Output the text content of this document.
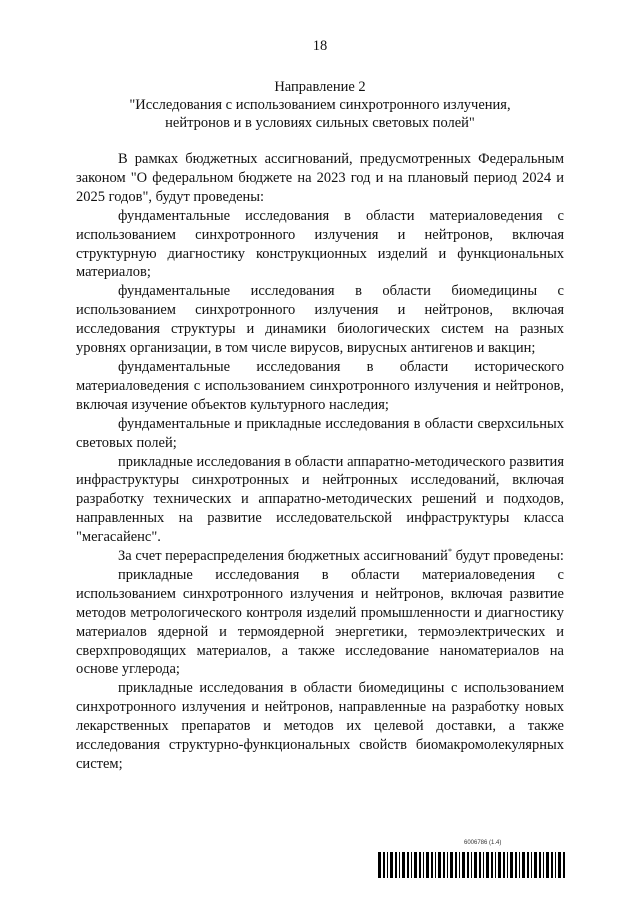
18
Направление 2
"Исследования с использованием синхротронного излучения,
нейтронов и в условиях сильных световых полей"

В рамках бюджетных ассигнований, предусмотренных Федеральным законом "О федеральном бюджете на 2023 год и на плановый период 2024 и 2025 годов", будут проведены:

фундаментальные исследования в области материаловедения с использованием синхротронного излучения и нейтронов, включая структурную диагностику конструкционных изделий и функциональных материалов;

фундаментальные исследования в области биомедицины с использованием синхротронного излучения и нейтронов, включая исследования структуры и динамики биологических систем на разных уровнях организации, в том числе вирусов, вирусных антигенов и вакцин;

фундаментальные исследования в области исторического материаловедения с использованием синхротронного излучения и нейтронов, включая изучение объектов культурного наследия;

фундаментальные и прикладные исследования в области сверхсильных световых полей;

прикладные исследования в области аппаратно-методического развития инфраструктуры синхротронных и нейтронных исследований, включая разработку технических и аппаратно-методических решений и подходов, направленных на развитие исследовательской инфраструктуры класса "мегасайенс".

За счет перераспределения бюджетных ассигнований* будут проведены:

прикладные исследования в области материаловедения с использованием синхротронного излучения и нейтронов, включая развитие методов метрологического контроля изделий промышленности и диагностику материалов ядерной и термоядерной энергетики, термоэлектрических и сверхпроводящих материалов, а также исследование наноматериалов на основе углерода;

прикладные исследования в области биомедицины с использованием синхротронного излучения и нейтронов, направленные на разработку новых лекарственных препаратов и методов их целевой доставки, а также исследования структурно-функциональных свойств биомакромолекулярных систем;

6006786 (1.4)
